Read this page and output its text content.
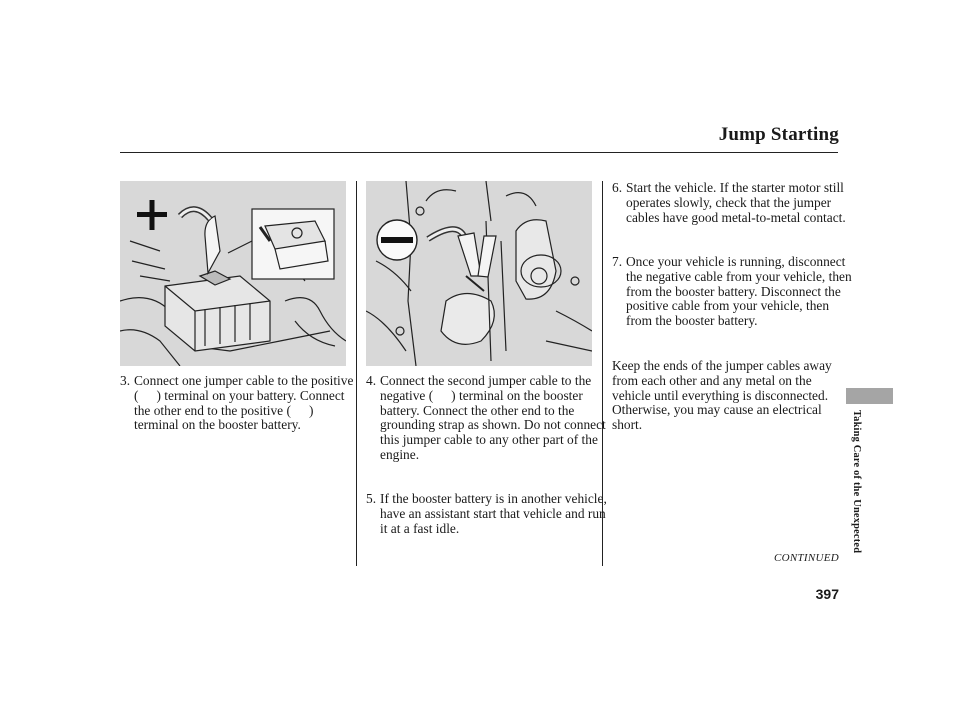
Jump Starting

3. Connect one jumper cable to the positive ( ) terminal on your battery. Connect the other end to the positive ( ) terminal on the booster battery.

4. Connect the second jumper cable to the negative ( ) terminal on the booster battery. Connect the other end to the grounding strap as shown. Do not connect this jumper cable to any other part of the engine.

5. If the booster battery is in another vehicle, have an assistant start that vehicle and run it at a fast idle.

6. Start the vehicle. If the starter motor still operates slowly, check that the jumper cables have good metal-to-metal contact.

7. Once your vehicle is running, disconnect the negative cable from your vehicle, then from the booster battery. Disconnect the positive cable from your vehicle, then from the booster battery.

Keep the ends of the jumper cables away from each other and any metal on the vehicle until everything is disconnected. Otherwise, you may cause an electrical short.	Taking Care of the Unexpected
CONTINUED
397
